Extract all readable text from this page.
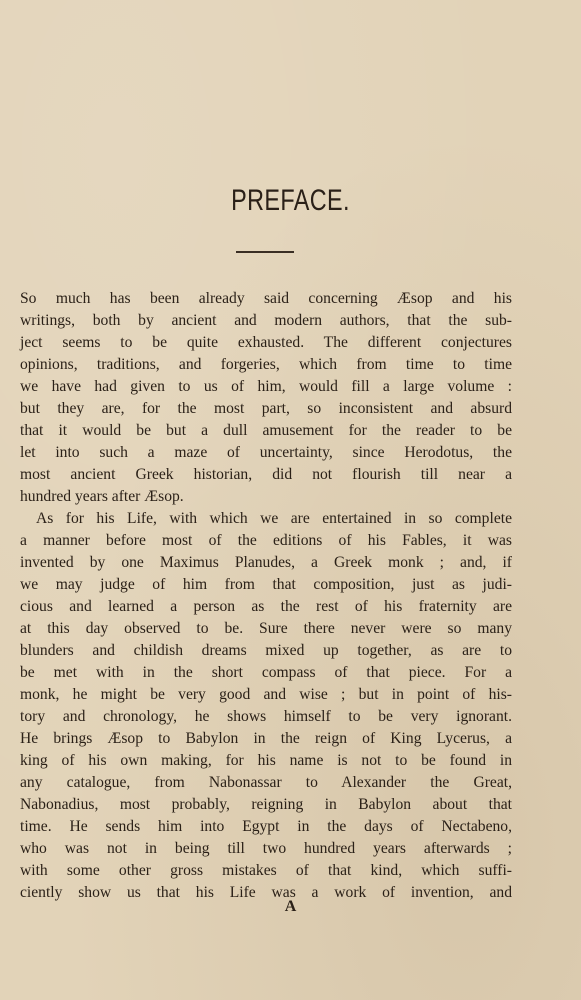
PREFACE.
So much has been already said concerning Æsop and his
writings, both by ancient and modern authors, that the sub-
ject seems to be quite exhausted. The different conjectures
opinions, traditions, and forgeries, which from time to time
we have had given to us of him, would fill a large volume :
but they are, for the most part, so inconsistent and absurd
that it would be but a dull amusement for the reader to be
let into such a maze of uncertainty, since Herodotus, the
most ancient Greek historian, did not flourish till near a
hundred years after Æsop.
As for his Life, with which we are entertained in so complete
a manner before most of the editions of his Fables, it was
invented by one Maximus Planudes, a Greek monk ; and, if
we may judge of him from that composition, just as judi-
cious and learned a person as the rest of his fraternity are
at this day observed to be. Sure there never were so many
blunders and childish dreams mixed up together, as are to
be met with in the short compass of that piece. For a
monk, he might be very good and wise ; but in point of his-
tory and chronology, he shows himself to be very ignorant.
He brings Æsop to Babylon in the reign of King Lycerus, a
king of his own making, for his name is not to be found in
any catalogue, from Nabonassar to Alexander the Great,
Nabonadius, most probably, reigning in Babylon about that
time. He sends him into Egypt in the days of Nectabeno,
who was not in being till two hundred years afterwards ;
with some other gross mistakes of that kind, which suffi-
ciently show us that his Life was a work of invention, and
A
